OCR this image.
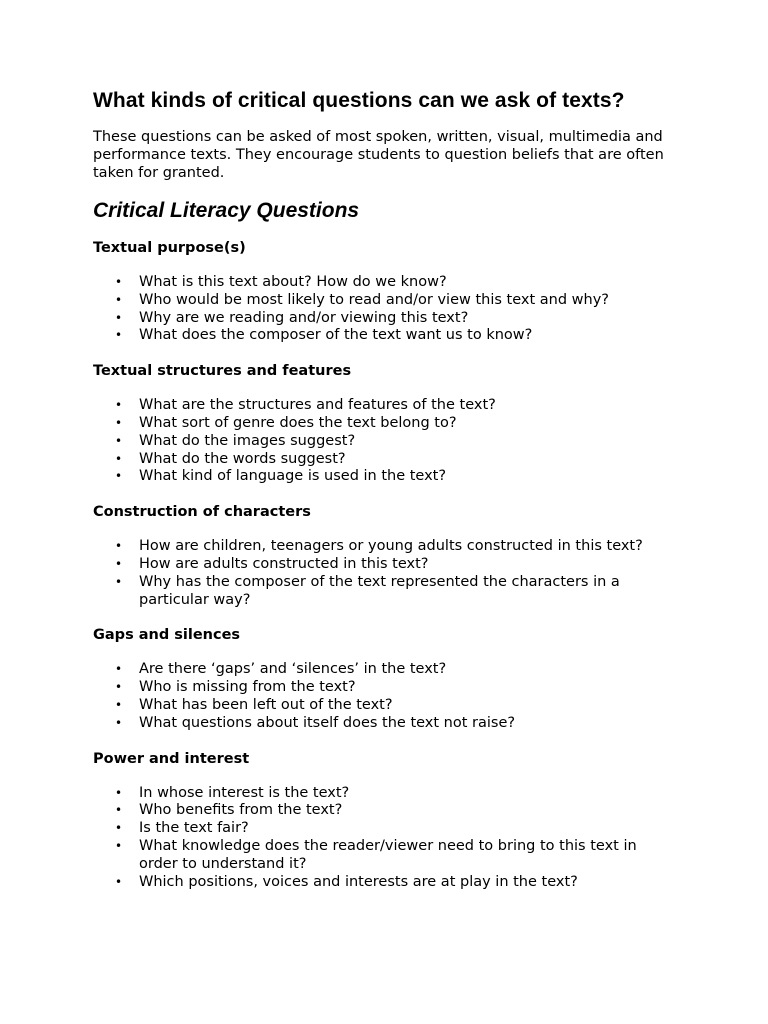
What kinds of critical questions can we ask of texts?

These questions can be asked of most spoken, written, visual, multimedia and performance texts. They encourage students to question beliefs that are often taken for granted.

Critical Literacy Questions
Textual purpose(s)
• What is this text about? How do we know?
• Who would be most likely to read and/or view this text and why?
• Why are we reading and/or viewing this text?
• What does the composer of the text want us to know?
Textual structures and features
• What are the structures and features of the text?
• What sort of genre does the text belong to?
• What do the images suggest?
• What do the words suggest?
• What kind of language is used in the text?
Construction of characters
• How are children, teenagers or young adults constructed in this text?
• How are adults constructed in this text?
• Why has the composer of the text represented the characters in a particular way?
Gaps and silences
• Are there ‘gaps’ and ‘silences’ in the text?
• Who is missing from the text?
• What has been left out of the text?
• What questions about itself does the text not raise?
Power and interest
• In whose interest is the text?
• Who benefits from the text?
• Is the text fair?
• What knowledge does the reader/viewer need to bring to this text in order to understand it?
• Which positions, voices and interests are at play in the text?
